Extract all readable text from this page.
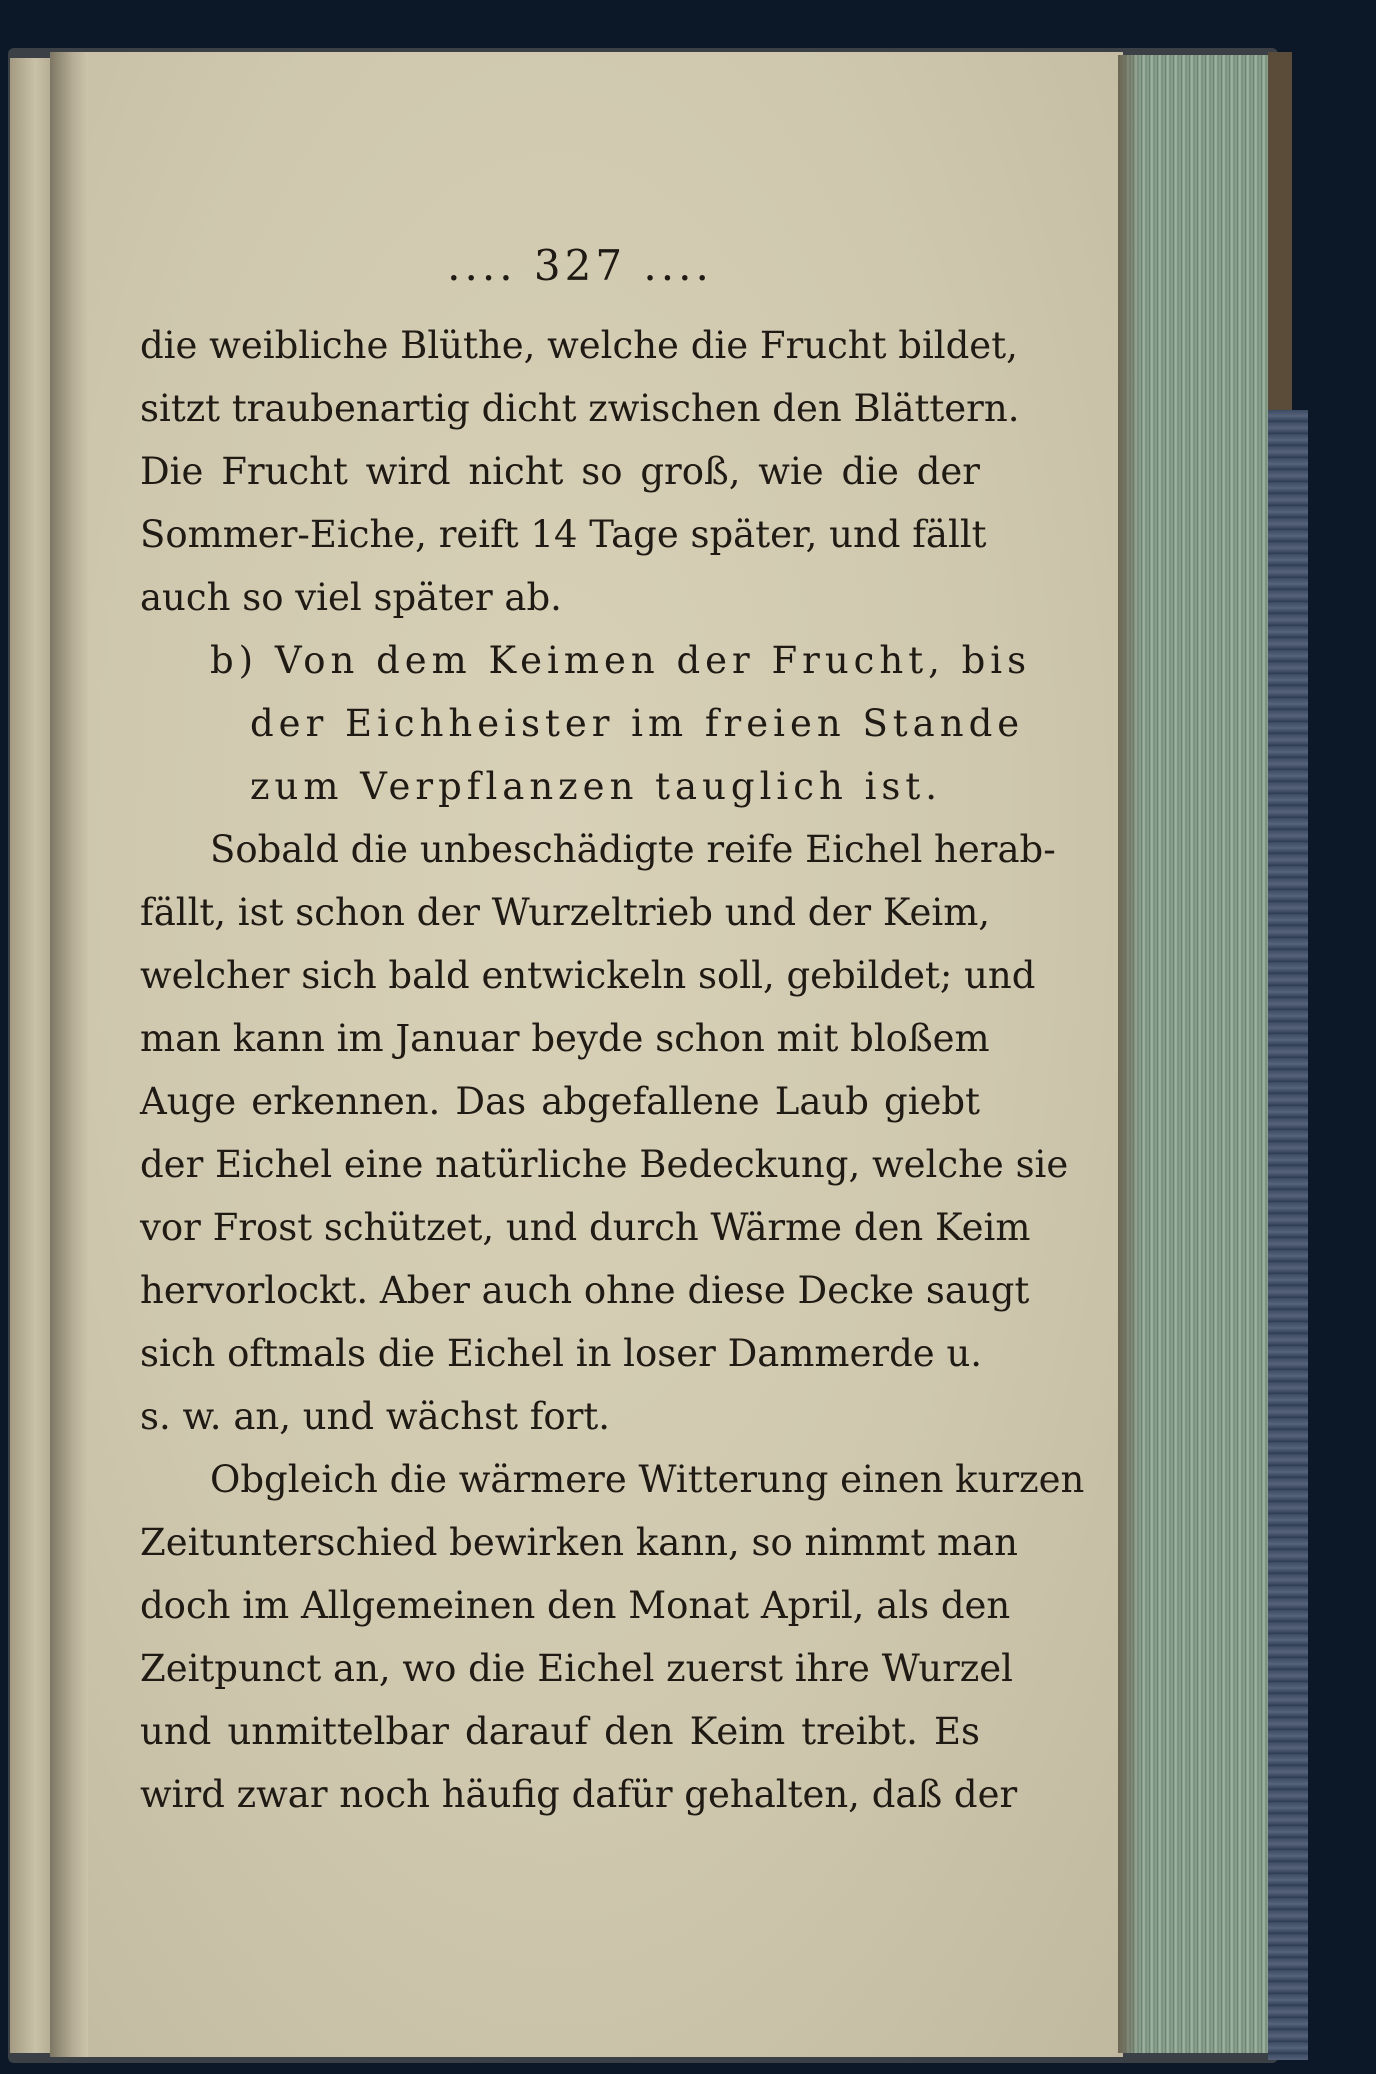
.... 327 ....
die weibliche Blüthe, welche die Frucht bildet,
sitzt traubenartig dicht zwischen den Blättern.
Die Frucht wird nicht so groß, wie die der
Sommer-Eiche, reift 14 Tage später, und fällt
auch so viel später ab.
b) Von dem Keimen der Frucht, bis
der Eichheister im freien Stande
zum Verpflanzen tauglich ist.
Sobald die unbeschädigte reife Eichel herab-
fällt, ist schon der Wurzeltrieb und der Keim,
welcher sich bald entwickeln soll, gebildet; und
man kann im Januar beyde schon mit bloßem
Auge erkennen. Das abgefallene Laub giebt
der Eichel eine natürliche Bedeckung, welche sie
vor Frost schützet, und durch Wärme den Keim
hervorlockt. Aber auch ohne diese Decke saugt
sich oftmals die Eichel in loser Dammerde u.
s. w. an, und wächst fort.
Obgleich die wärmere Witterung einen kurzen
Zeitunterschied bewirken kann, so nimmt man
doch im Allgemeinen den Monat April, als den
Zeitpunct an, wo die Eichel zuerst ihre Wurzel
und unmittelbar darauf den Keim treibt. Es
wird zwar noch häufig dafür gehalten, daß der
